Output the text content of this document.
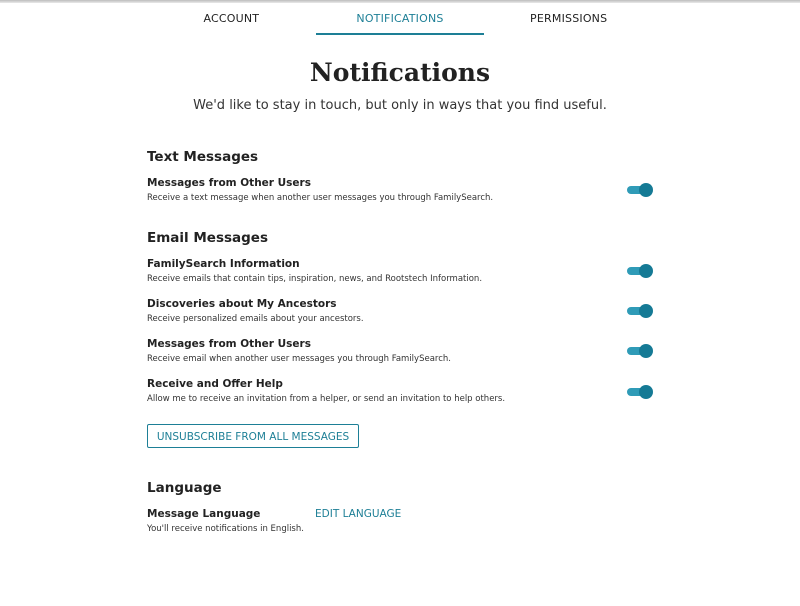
ACCOUNT	NOTIFICATIONS	PERMISSIONS
Notifications
We'd like to stay in touch, but only in ways that you find useful.
Text Messages
Messages from Other Users
Receive a text message when another user messages you through FamilySearch.
Email Messages
FamilySearch Information
Receive emails that contain tips, inspiration, news, and Rootstech Information.
Discoveries about My Ancestors
Receive personalized emails about your ancestors.
Messages from Other Users
Receive email when another user messages you through FamilySearch.
Receive and Offer Help
Allow me to receive an invitation from a helper, or send an invitation to help others.
UNSUBSCRIBE FROM ALL MESSAGES
Language
Message Language	EDIT LANGUAGE
You'll receive notifications in English.
